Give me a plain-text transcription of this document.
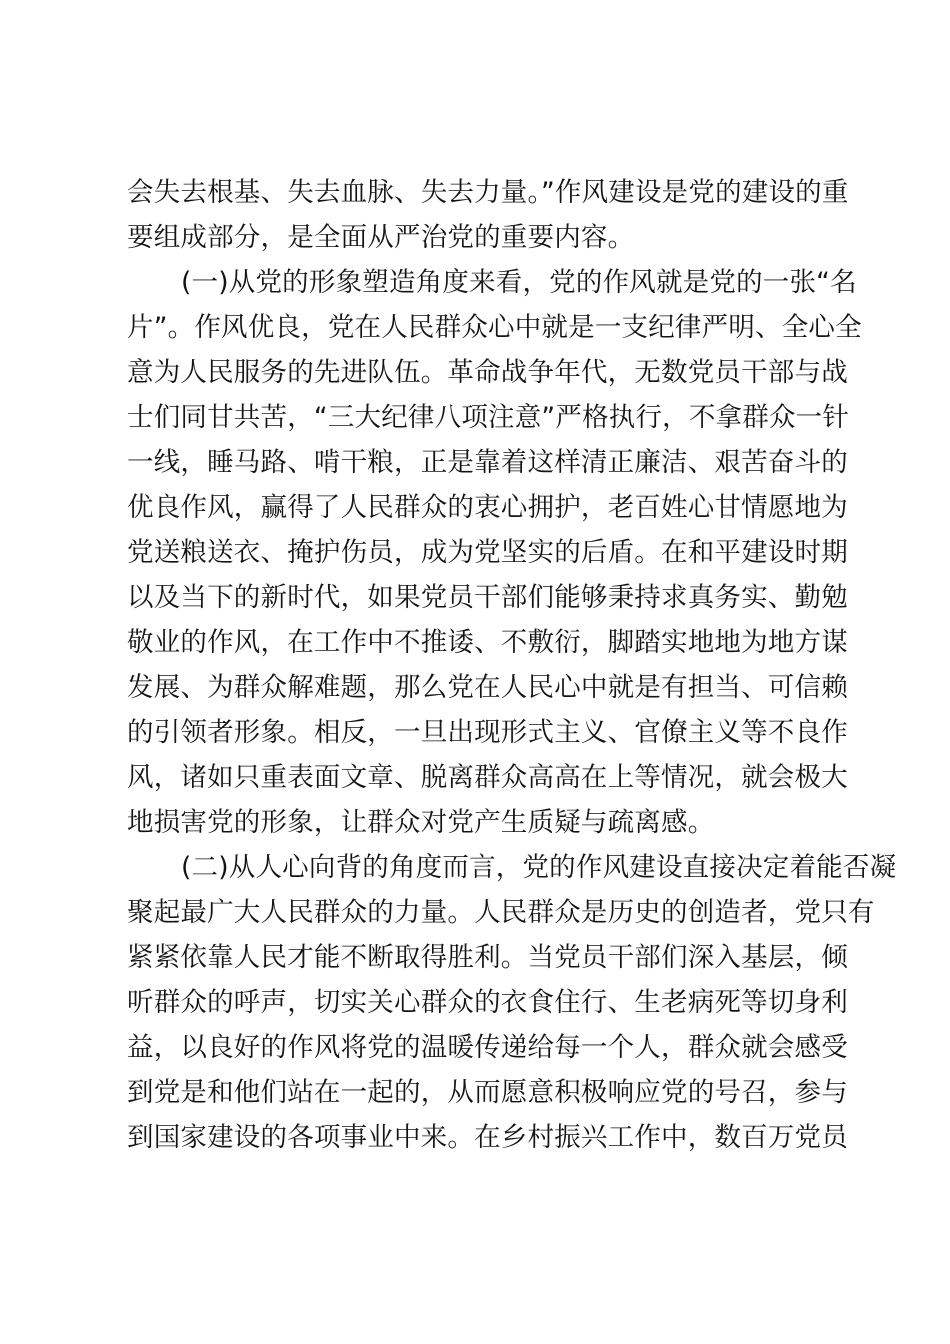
会失去根基、失去血脉、失去力量。”作风建设是党的建设的重
要组成部分，是全面从严治党的重要内容。
(一)从党的形象塑造角度来看，党的作风就是党的一张“名
片”。作风优良，党在人民群众心中就是一支纪律严明、全心全
意为人民服务的先进队伍。革命战争年代，无数党员干部与战
士们同甘共苦，“三大纪律八项注意”严格执行，不拿群众一针
一线，睡马路、啃干粮，正是靠着这样清正廉洁、艰苦奋斗的
优良作风，赢得了人民群众的衷心拥护，老百姓心甘情愿地为
党送粮送衣、掩护伤员，成为党坚实的后盾。在和平建设时期
以及当下的新时代，如果党员干部们能够秉持求真务实、勤勉
敬业的作风，在工作中不推诿、不敷衍，脚踏实地地为地方谋
发展、为群众解难题，那么党在人民心中就是有担当、可信赖
的引领者形象。相反，一旦出现形式主义、官僚主义等不良作
风，诸如只重表面文章、脱离群众高高在上等情况，就会极大
地损害党的形象，让群众对党产生质疑与疏离感。
(二)从人心向背的角度而言，党的作风建设直接决定着能否凝
聚起最广大人民群众的力量。人民群众是历史的创造者，党只有
紧紧依靠人民才能不断取得胜利。当党员干部们深入基层，倾
听群众的呼声，切实关心群众的衣食住行、生老病死等切身利
益，以良好的作风将党的温暖传递给每一个人，群众就会感受
到党是和他们站在一起的，从而愿意积极响应党的号召，参与
到国家建设的各项事业中来。在乡村振兴工作中，数百万党员
